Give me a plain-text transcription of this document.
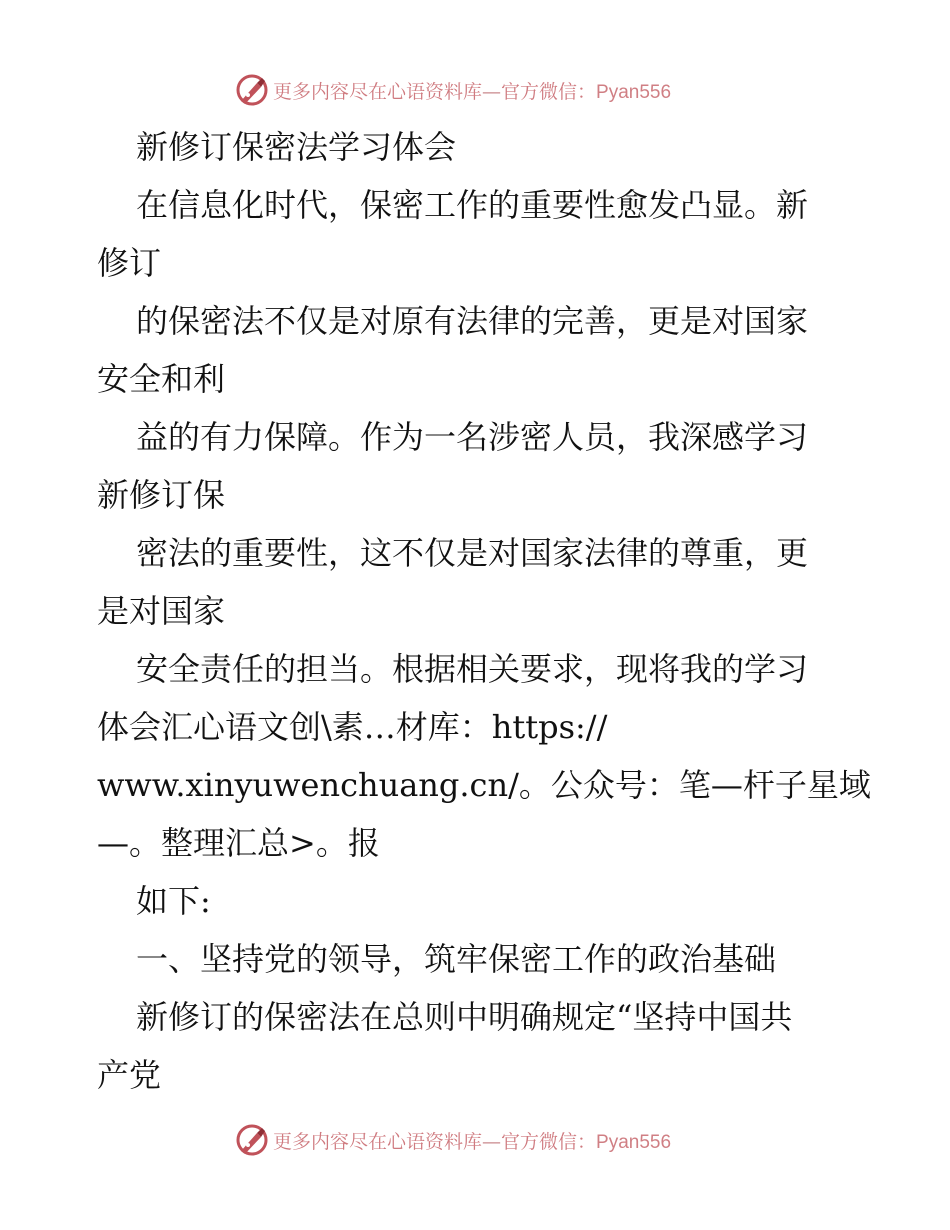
更多内容尽在心语资料库—官方微信：Pyan556
新修订保密法学习体会
在信息化时代，保密工作的重要性愈发凸显。新
修订
的保密法不仅是对原有法律的完善，更是对国家
安全和利
益的有力保障。作为一名涉密人员，我深感学习
新修订保
密法的重要性，这不仅是对国家法律的尊重，更
是对国家
安全责任的担当。根据相关要求，现将我的学习
体会汇心语文创\素…材库：https://
www.xinyuwenchuang.cn/。公众号：笔—杆子星域
—。整理汇总>。报
如下:
一、坚持党的领导，筑牢保密工作的政治基础
新修订的保密法在总则中明确规定“坚持中国共
产党
更多内容尽在心语资料库—官方微信：Pyan556
